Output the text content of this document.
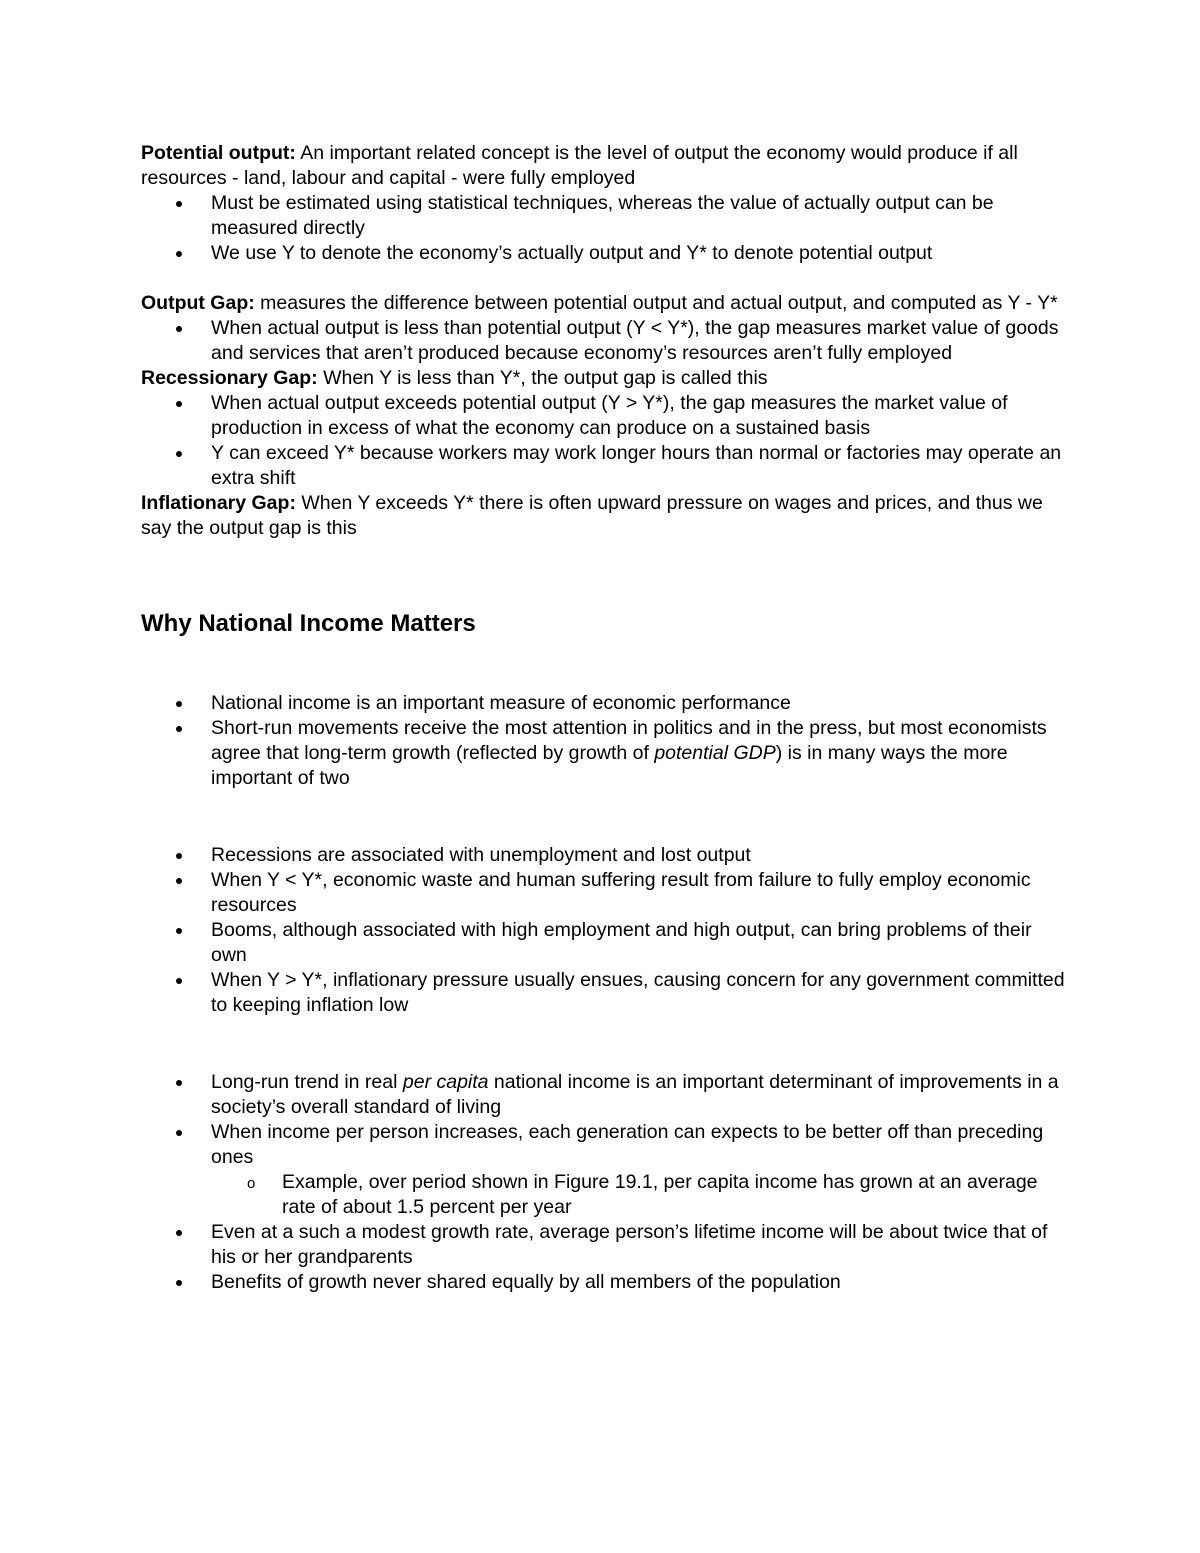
Potential output: An important related concept is the level of output the economy would produce if all resources - land, labour and capital - were fully employed

Must be estimated using statistical techniques, whereas the value of actually output can be measured directly
We use Y to denote the economy’s actually output and Y* to denote potential output

Output Gap: measures the difference between potential output and actual output, and computed as Y - Y*

When actual output is less than potential output (Y < Y*), the gap measures market value of goods and services that aren’t produced because economy’s resources aren’t fully employed

Recessionary Gap: When Y is less than Y*, the output gap is called this

When actual output exceeds potential output (Y > Y*), the gap measures the market value of production in excess of what the economy can produce on a sustained basis
Y can exceed Y* because workers may work longer hours than normal or factories may operate an extra shift

Inflationary Gap: When Y exceeds Y* there is often upward pressure on wages and prices, and thus we say the output gap is this

Why National Income Matters
National income is an important measure of economic performance
Short-run movements receive the most attention in politics and in the press, but most economists agree that long-term growth (reflected by growth of potential GDP) is in many ways the more important of two
Recessions are associated with unemployment and lost output
When Y < Y*, economic waste and human suffering result from failure to fully employ economic resources
Booms, although associated with high employment and high output, can bring problems of their own
When Y > Y*, inflationary pressure usually ensues, causing concern for any government committed to keeping inflation low
Long-run trend in real per capita national income is an important determinant of improvements in a society’s overall standard of living
When income per person increases, each generation can expects to be better off than preceding ones
o Example, over period shown in Figure 19.1, per capita income has grown at an average rate of about 1.5 percent per year
Even at a such a modest growth rate, average person’s lifetime income will be about twice that of his or her grandparents
Benefits of growth never shared equally by all members of the population
